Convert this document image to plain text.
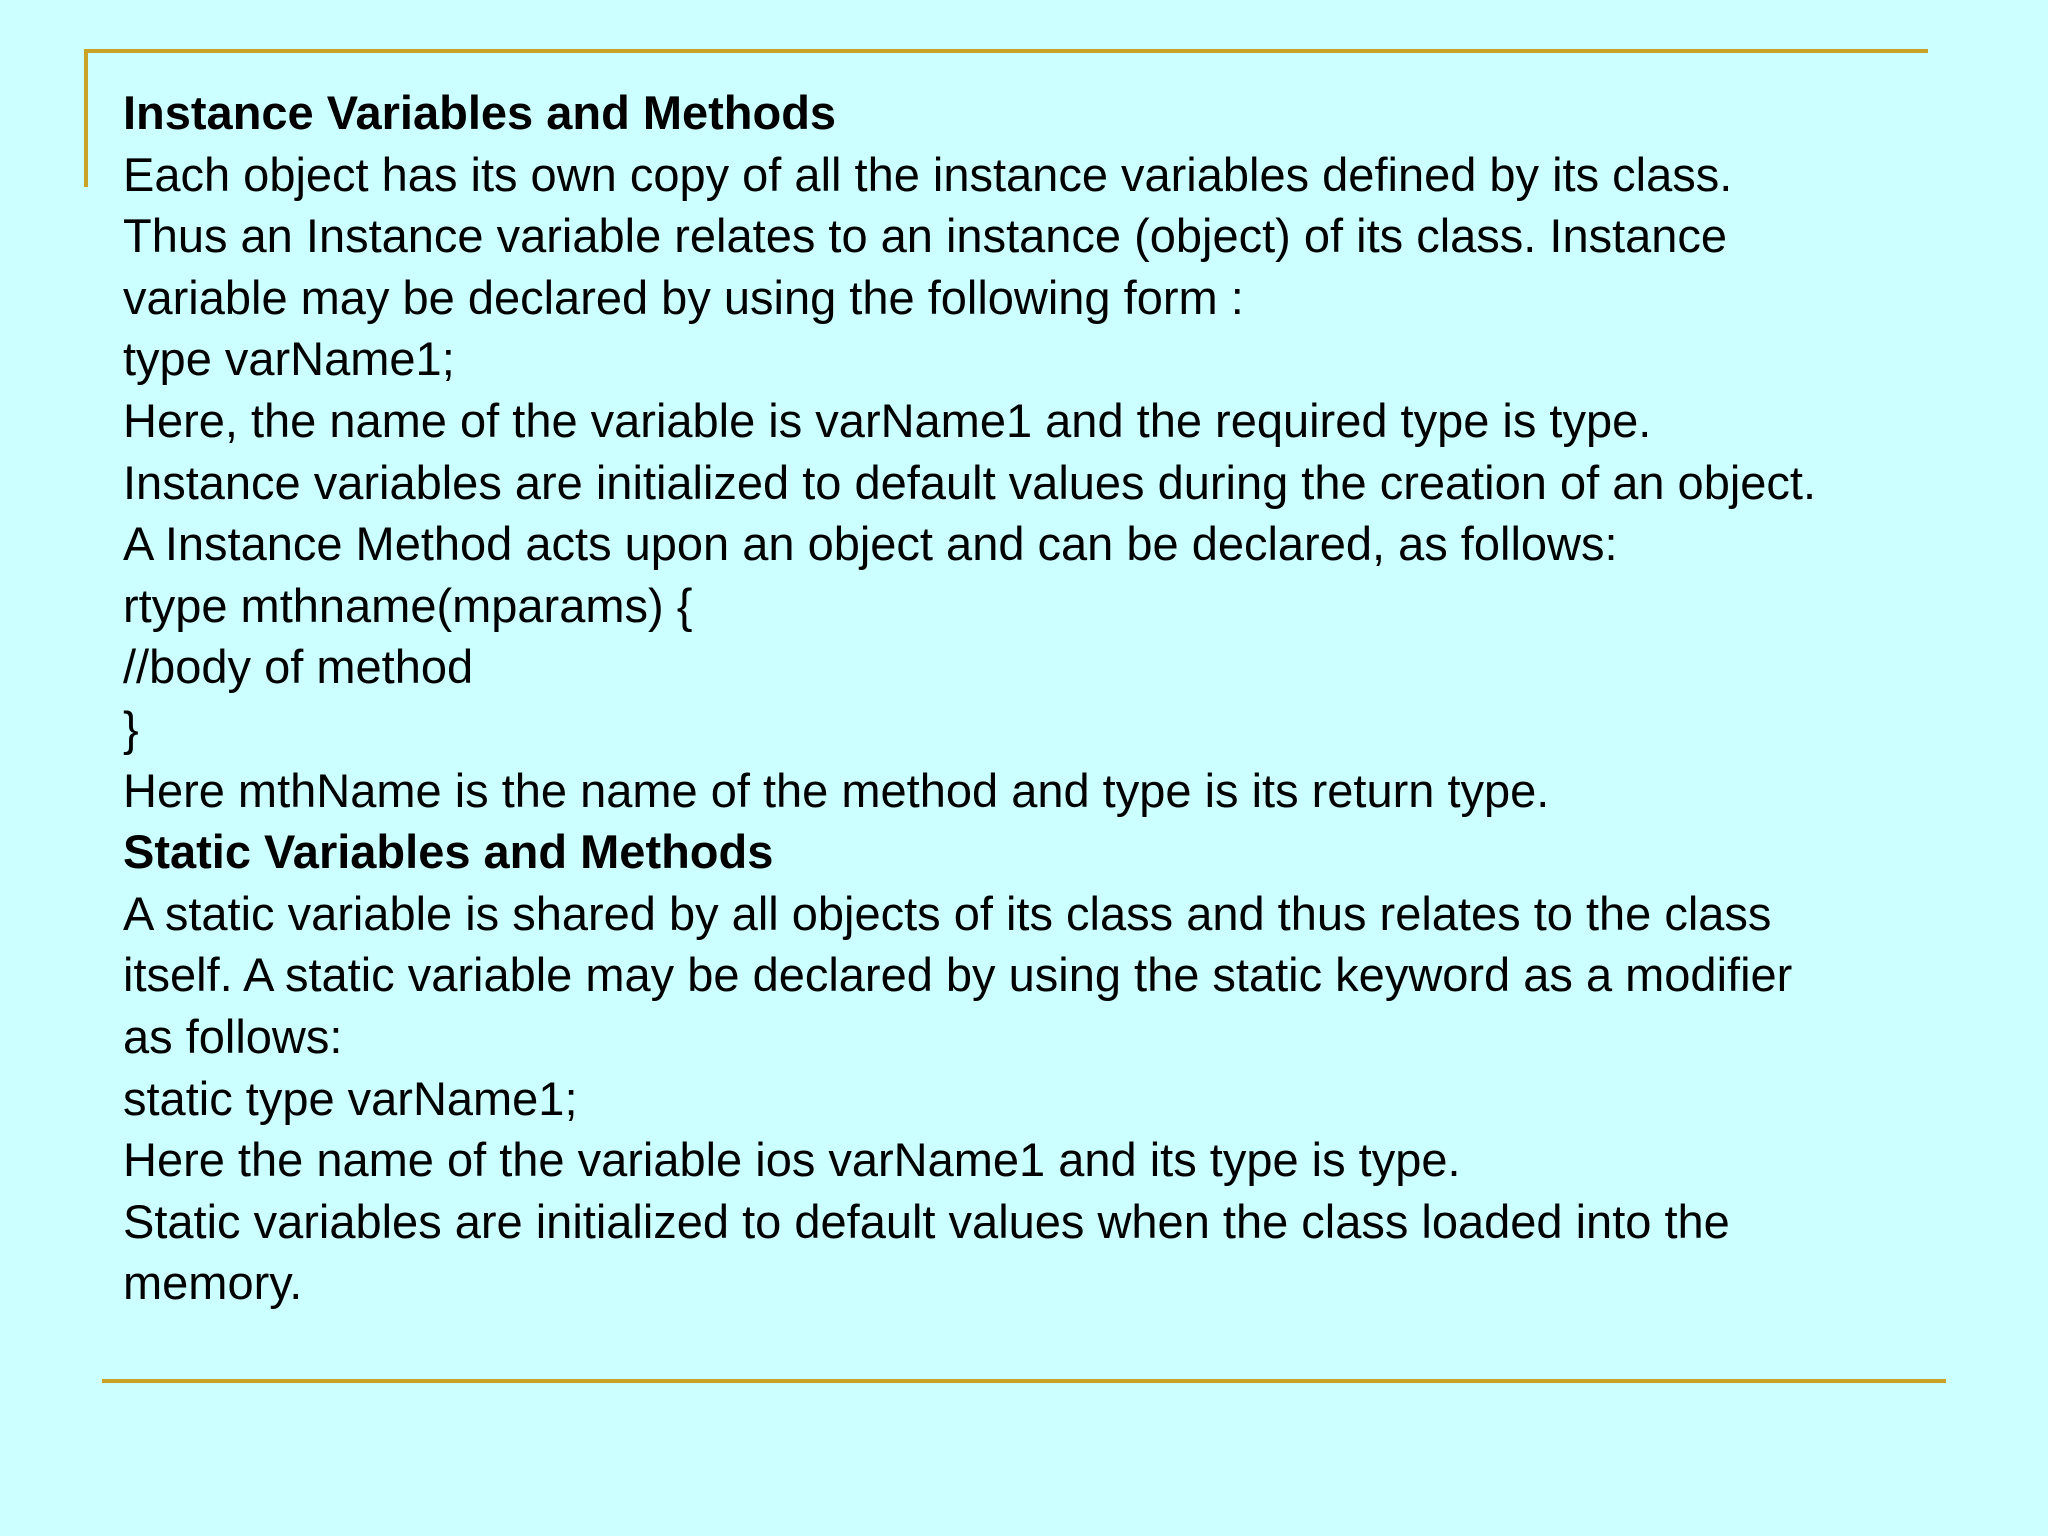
Instance Variables and Methods
Each object has its own copy of all the instance variables defined by its class.
Thus an Instance variable relates to an instance (object) of its class. Instance
variable may be declared by using the following form :
type varName1;
Here, the name of the variable is varName1 and the required type is type.
Instance variables are initialized to default values during the creation of an object.
A Instance Method acts upon an object and can be declared, as follows:
rtype mthname(mparams) {
//body of method
}
Here mthName is the name of the method and type is its return type.
Static Variables and Methods
A static variable is shared by all objects of its class and thus relates to the class
itself. A static variable may be declared by using the static keyword as a modifier
as follows:
static type varName1;
Here the name of the variable ios varName1 and its type is type.
Static variables are initialized to default values when the class loaded into the
memory.
